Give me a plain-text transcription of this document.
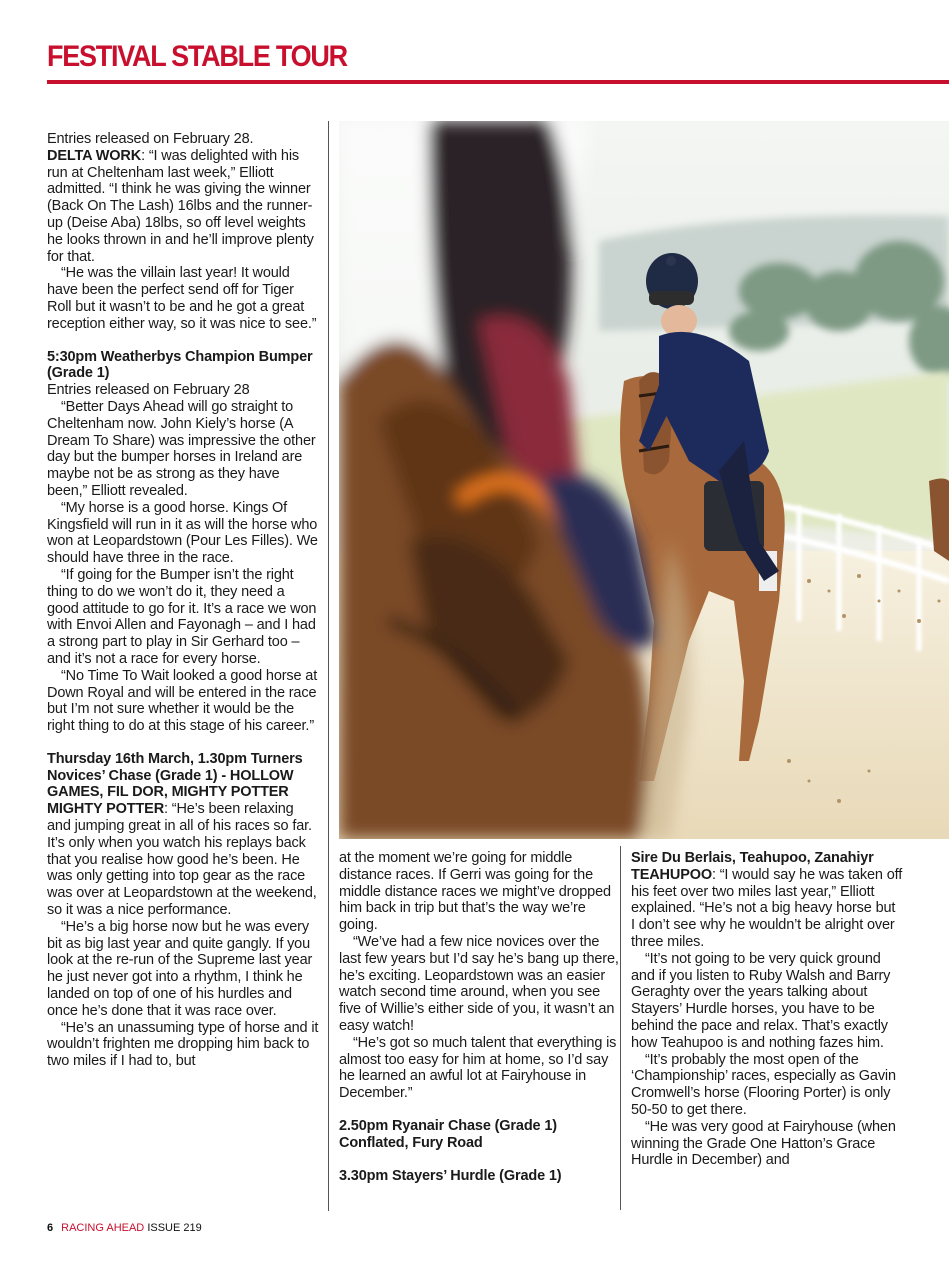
FESTIVAL STABLE TOUR

Entries released on February 28.

DELTA WORK: “I was delighted with his run at Cheltenham last week,” Elliott admitted. “I think he was giving the winner (Back On The Lash) 16lbs and the runner-up (Deise Aba) 18lbs, so off level weights he looks thrown in and he’ll improve plenty for that.

“He was the villain last year! It would have been the perfect send off for Tiger Roll but it wasn’t to be and he got a great reception either way, so it was nice to see.”

5:30pm Weatherbys Champion Bumper (Grade 1)

Entries released on February 28

“Better Days Ahead will go straight to Cheltenham now. John Kiely’s horse (A Dream To Share) was impressive the other day but the bumper horses in Ireland are maybe not be as strong as they have been,” Elliott revealed.

“My horse is a good horse. Kings Of Kingsfield will run in it as will the horse who won at Leopardstown (Pour Les Filles). We should have three in the race.

“If going for the Bumper isn’t the right thing to do we won’t do it, they need a good attitude to go for it. It’s a race we won with Envoi Allen and Fayonagh – and I had a strong part to play in Sir Gerhard too – and it’s not a race for every horse.

“No Time To Wait looked a good horse at Down Royal and will be entered in the race but I’m not sure whether it would be the right thing to do at this stage of his career.”

Thursday 16th March, 1.30pm Turners Novices’ Chase (Grade 1) - HOLLOW GAMES, FIL DOR, MIGHTY POTTER

MIGHTY POTTER: “He’s been relaxing and jumping great in all of his races so far. It’s only when you watch his replays back that you realise how good he’s been. He was only getting into top gear as the race was over at Leopardstown at the weekend, so it was a nice performance.

“He’s a big horse now but he was every bit as big last year and quite gangly. If you look at the re-run of the Supreme last year he just never got into a rhythm, I think he landed on top of one of his hurdles and once he’s done that it was race over.

“He’s an unassuming type of horse and it wouldn’t frighten me dropping him back to two miles if I had to, but

at the moment we’re going for middle distance races. If Gerri was going for the middle distance races we might’ve dropped him back in trip but that’s the way we’re going.

“We’ve had a few nice novices over the last few years but I’d say he’s bang up there, he’s exciting. Leopardstown was an easier watch second time around, when you see five of Willie’s either side of you, it wasn’t an easy watch!

“He’s got so much talent that everything is almost too easy for him at home, so I’d say he learned an awful lot at Fairyhouse in December.”

2.50pm Ryanair Chase (Grade 1) Conflated, Fury Road

3.30pm Stayers’ Hurdle (Grade 1)

Sire Du Berlais, Teahupoo, Zanahiyr

TEAHUPOO: “I would say he was taken off his feet over two miles last year,” Elliott explained. “He’s not a big heavy horse but I don’t see why he wouldn’t be alright over three miles.

“It’s not going to be very quick ground and if you listen to Ruby Walsh and Barry Geraghty over the years talking about Stayers’ Hurdle horses, you have to be behind the pace and relax. That’s exactly how Teahupoo is and nothing fazes him.

“It’s probably the most open of the ‘Championship’ races, especially as Gavin Cromwell’s horse (Flooring Porter) is only 50-50 to get there.

“He was very good at Fairyhouse (when winning the Grade One Hatton’s Grace Hurdle in December) and

6 RACING AHEAD ISSUE 219
